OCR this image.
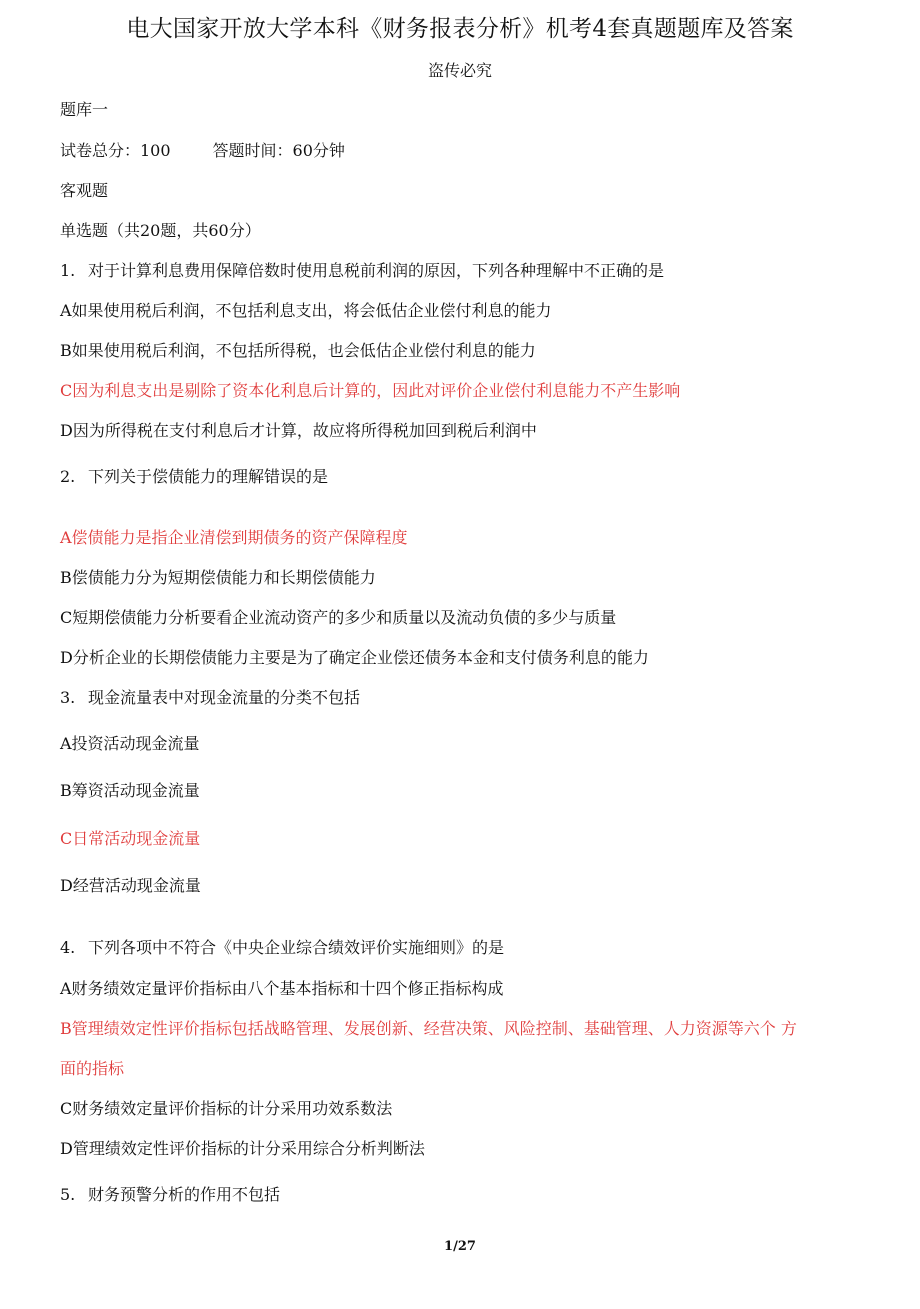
电大国家开放大学本科《财务报表分析》机考4套真题题库及答案
盗传必究
题库一
试卷总分：100	答题时间：60分钟
客观题
单选题（共20题，共60分）
1. 对于计算利息费用保障倍数时使用息税前利润的原因，下列各种理解中不正确的是
A如果使用税后利润，不包括利息支出，将会低估企业偿付利息的能力
B如果使用税后利润，不包括所得税，也会低估企业偿付利息的能力
C因为利息支出是剔除了资本化利息后计算的，因此对评价企业偿付利息能力不产生影响
D因为所得税在支付利息后才计算，故应将所得税加回到税后利润中
2. 下列关于偿债能力的理解错误的是
A偿债能力是指企业清偿到期债务的资产保障程度
B偿债能力分为短期偿债能力和长期偿债能力
C短期偿债能力分析要看企业流动资产的多少和质量以及流动负债的多少与质量
D分析企业的长期偿债能力主要是为了确定企业偿还债务本金和支付债务利息的能力
3. 现金流量表中对现金流量的分类不包括
A投资活动现金流量
B筹资活动现金流量
C日常活动现金流量
D经营活动现金流量
4. 下列各项中不符合《中央企业综合绩效评价实施细则》的是
A财务绩效定量评价指标由八个基本指标和十四个修正指标构成
B管理绩效定性评价指标包括战略管理、发展创新、经营决策、风险控制、基础管理、人力资源等六个 方
面的指标
C财务绩效定量评价指标的计分采用功效系数法
D管理绩效定性评价指标的计分采用综合分析判断法
5. 财务预警分析的作用不包括
1/27
